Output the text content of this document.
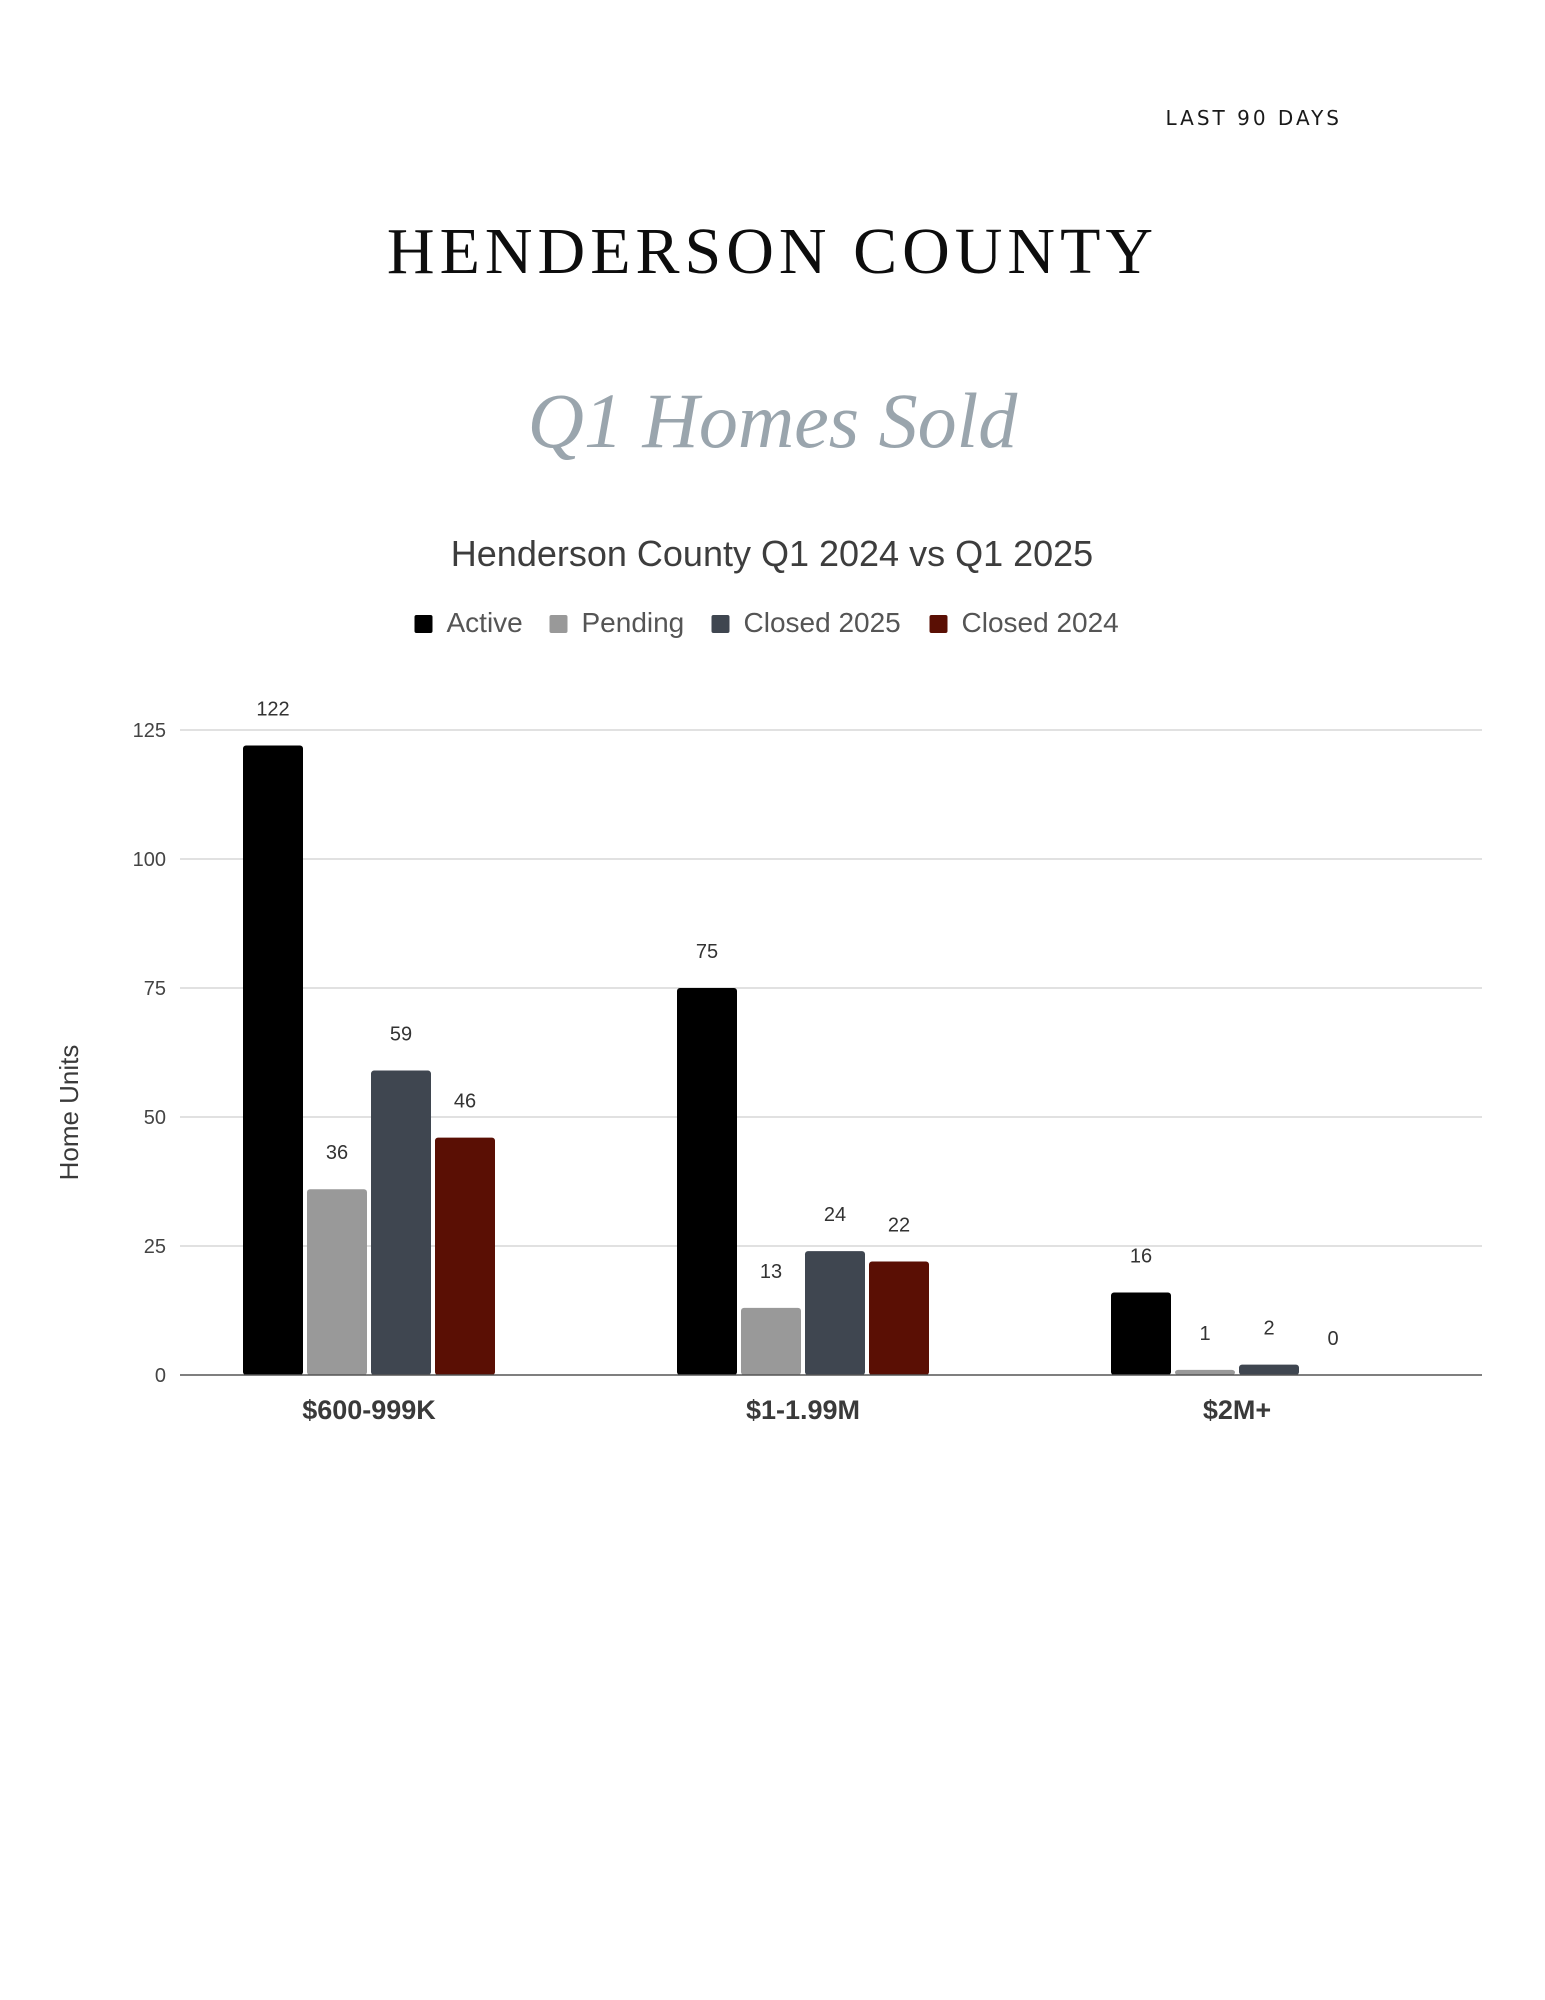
LAST 90 DAYS
HENDERSON COUNTY
Q1 Homes Sold
Henderson County Q1 2024 vs Q1 2025
Active Pending Closed 2025 Closed 2024
0
25
50
75
100
125
122
36
59
46
75
13
24 22
16
1	2	0
$600-999K	$1-1.99M	$2M+
Home Units
